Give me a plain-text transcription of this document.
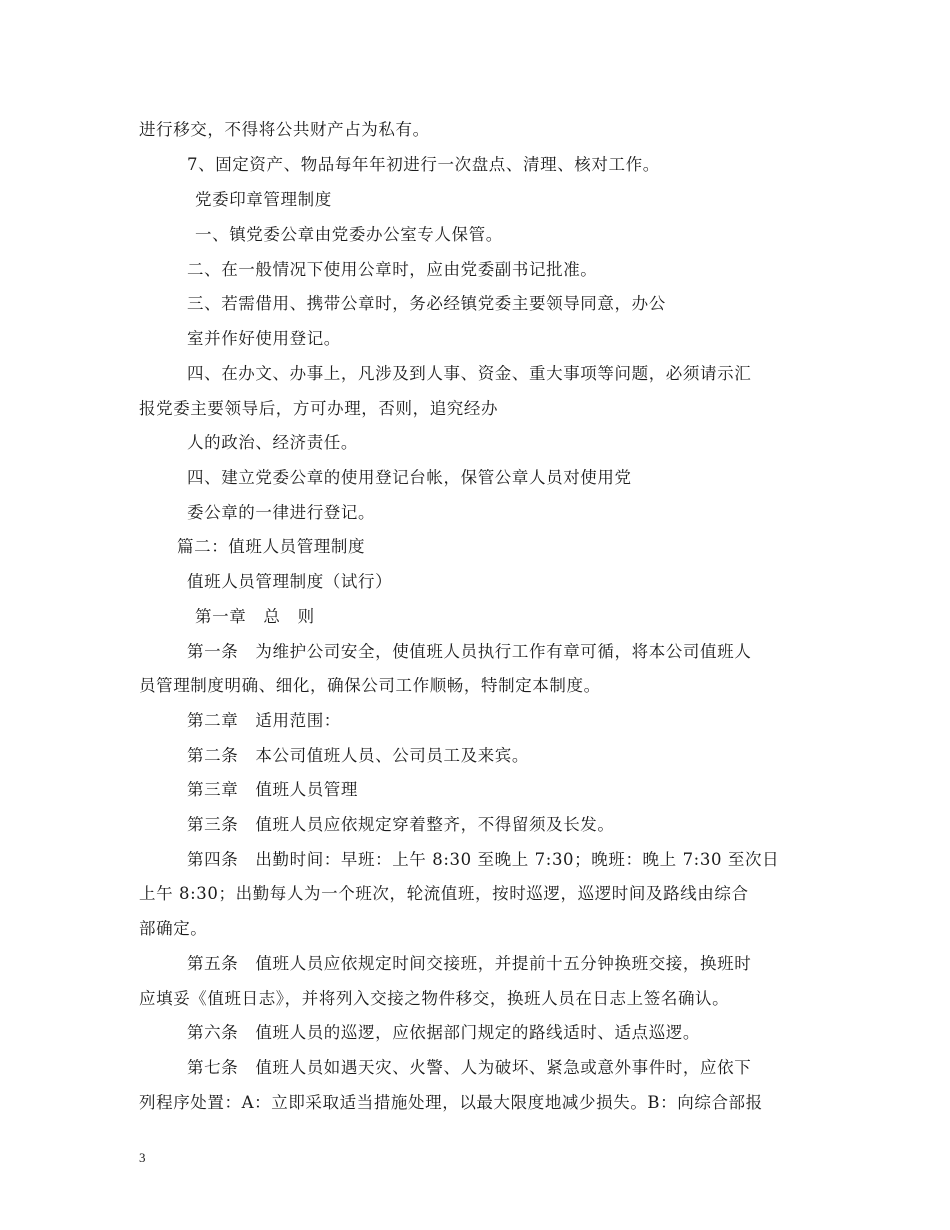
进行移交，不得将公共财产占为私有。
7、固定资产、物品每年年初进行一次盘点、清理、核对工作。
党委印章管理制度
一、镇党委公章由党委办公室专人保管。
二、在一般情况下使用公章时，应由党委副书记批准。
三、若需借用、携带公章时，务必经镇党委主要领导同意，办公
室并作好使用登记。
四、在办文、办事上，凡涉及到人事、资金、重大事项等问题，必须请示汇
报党委主要领导后，方可办理，否则，追究经办
人的政治、经济责任。
四、建立党委公章的使用登记台帐，保管公章人员对使用党
委公章的一律进行登记。
篇二：值班人员管理制度
值班人员管理制度（试行）
第一章　总　则
第一条　为维护公司安全，使值班人员执行工作有章可循，将本公司值班人
员管理制度明确、细化，确保公司工作顺畅，特制定本制度。
第二章　适用范围：
第二条　本公司值班人员、公司员工及来宾。
第三章　值班人员管理
第三条　值班人员应依规定穿着整齐，不得留须及长发。
第四条　出勤时间：早班：上午 8:30 至晚上 7:30；晚班：晚上 7:30 至次日
上午 8:30；出勤每人为一个班次，轮流值班，按时巡逻，巡逻时间及路线由综合
部确定。
第五条　值班人员应依规定时间交接班，并提前十五分钟换班交接，换班时
应填妥《值班日志》，并将列入交接之物件移交，换班人员在日志上签名确认。
第六条　值班人员的巡逻，应依据部门规定的路线适时、适点巡逻。
第七条　值班人员如遇天灾、火警、人为破坏、紧急或意外事件时，应依下
列程序处置：A：立即采取适当措施处理，以最大限度地减少损失。B：向综合部报
3
